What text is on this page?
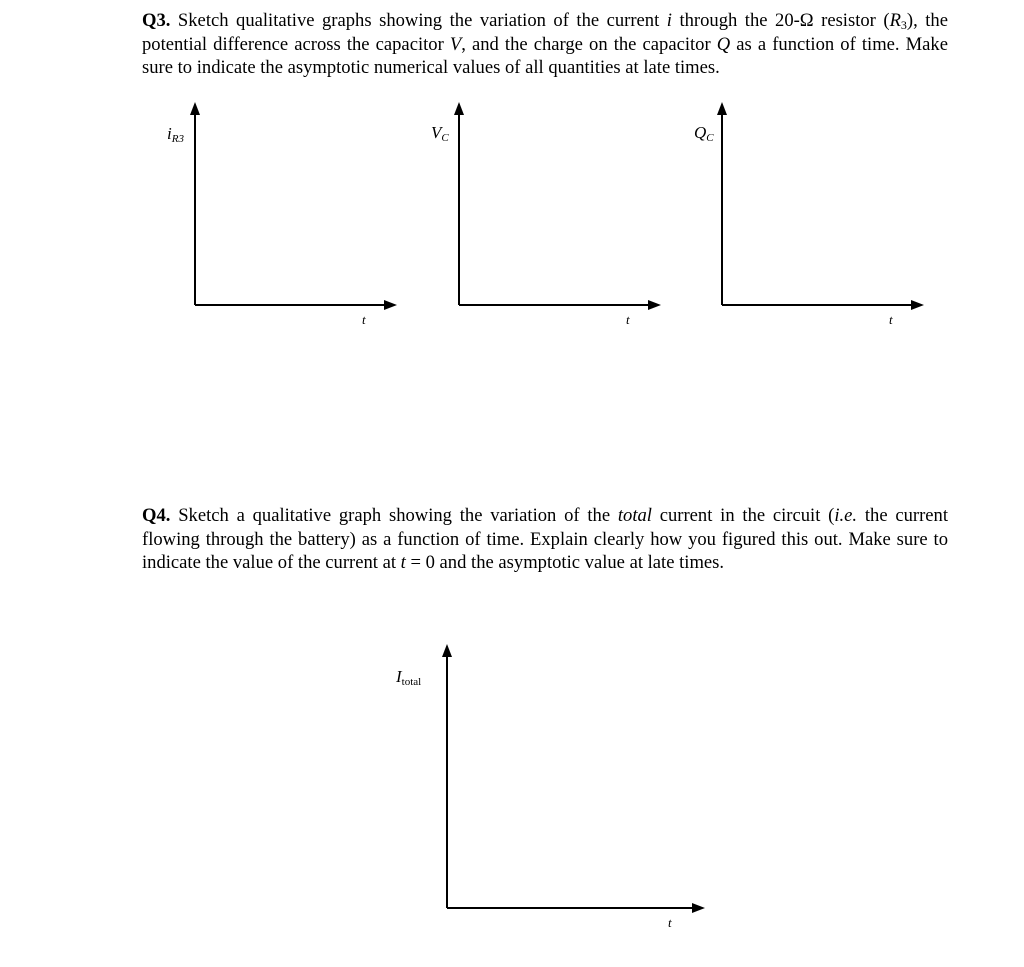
Q3. Sketch qualitative graphs showing the variation of the current i through the 20-Ω resistor $(R_3)$, the potential difference across the capacitor V, and the charge on the capacitor Q as a function of time. Make sure to indicate the asymptotic numerical values of all quantities at late times.
$i_{R3}$
t
$V_C$
t
$Q_C$
t
Q4. Sketch a qualitative graph showing the variation of the total current in the circuit (i.e. the current flowing through the battery) as a function of time. Explain clearly how you figured this out. Make sure to indicate the value of the current at t = 0 and the asymptotic value at late times.
$I_{total}$
t
